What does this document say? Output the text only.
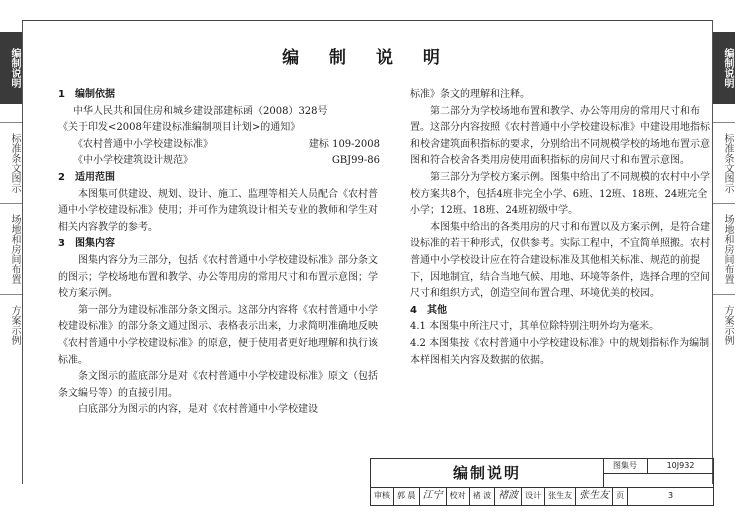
编制说明
标准条文图示
场地和房间布置
方案示例
编制说明
标准条文图示
场地和房间布置
方案示例
编 制 说 明

1　编制依据

中华人民共和国住房和城乡建设部建标函（2008）328号

《关于印发<2008年建设标准编制项目计划>的通知》

《农村普通中小学校建设标准》	建标 109-2008
《中小学校建筑设计规范》	GBJ99-86

2　适用范围

本图集可供建设、规划、设计、施工、监理等相关人员配合《农村普通中小学校建设标准》使用；并可作为建筑设计相关专业的教师和学生对相关内容教学的参考。

3　图集内容

图集内容分为三部分，包括《农村普通中小学校建设标准》部分条文的图示；学校场地布置和教学、办公等用房的常用尺寸和布置示意图；学校方案示例。

第一部分为建设标准部分条文图示。这部分内容将《农村普通中小学校建设标准》的部分条文通过图示、表格表示出来，力求简明准确地反映《农村普通中小学校建设标准》的原意，便于使用者更好地理解和执行该标准。

条文图示的蓝底部分是对《农村普通中小学校建设标准》原文（包括条文编号等）的直接引用。

白底部分为图示的内容，是对《农村普通中小学校建设

标准》条文的理解和注释。

第二部分为学校场地布置和教学、办公等用房的常用尺寸和布置。这部分内容按照《农村普通中小学校建设标准》中建设用地指标和校舍建筑面积指标的要求，分别给出不同规模学校的场地布置示意图和符合校舍各类用房使用面积指标的房间尺寸和布置示意图。

第三部分为学校方案示例。图集中给出了不同规模的农村中小学校方案共8个，包括4班非完全小学、6班、12班、18班、24班完全小学；12班、18班、24班初级中学。

本图集中给出的各类用房的尺寸和布置以及方案示例，是符合建设标准的若干种形式，仅供参考。实际工程中，不宜简单照搬。农村普通中小学校设计应在符合建设标准及其他相关标准、规范的前提下，因地制宜，结合当地气候、用地、环境等条件，选择合理的空间尺寸和组织方式，创造空间布置合理、环境优美的校园。

4　其他

4.1 本图集中所注尺寸，其单位除特别注明外均为毫米。

4.2 本图集按《农村普通中小学校建设标准》中的规划指标作为编制本样图相关内容及数据的依据。

编制说明	图集号	10J932
审核 郭 晨 江宁 校对 褚 波 褚波 设计 张生友 张生友 页	3
